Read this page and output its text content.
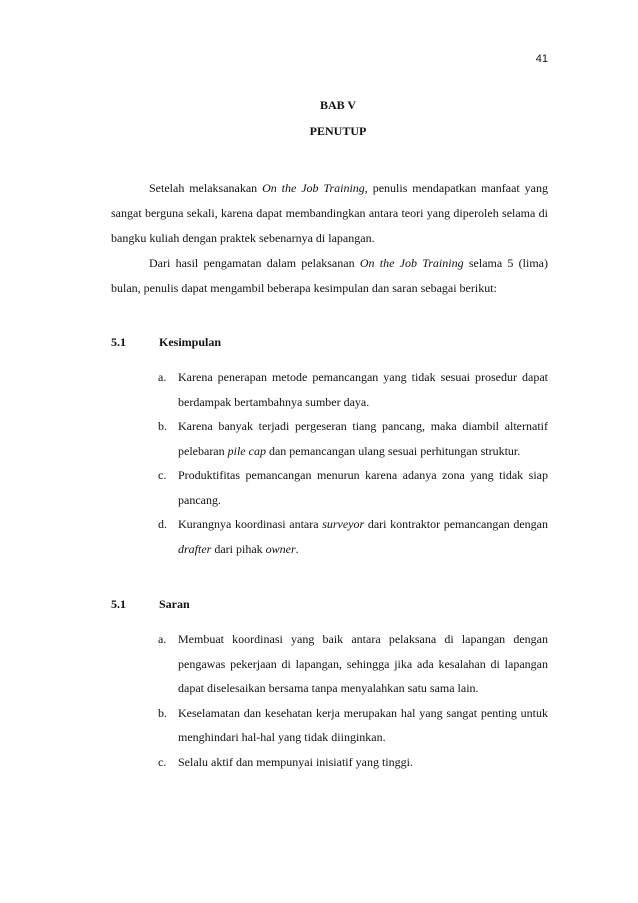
41
BAB V
PENUTUP

Setelah melaksanakan On the Job Training, penulis mendapatkan manfaat yang sangat berguna sekali, karena dapat membandingkan antara teori yang diperoleh selama di bangku kuliah dengan praktek sebenarnya di lapangan.

Dari hasil pengamatan dalam pelaksanan On the Job Training selama 5 (lima) bulan, penulis dapat mengambil beberapa kesimpulan dan saran sebagai berikut:

5.1	Kesimpulan
a. Karena penerapan metode pemancangan yang tidak sesuai prosedur dapat berdampak bertambahnya sumber daya.
b. Karena banyak terjadi pergeseran tiang pancang, maka diambil alternatif pelebaran pile cap dan pemancangan ulang sesuai perhitungan struktur.
c. Produktifitas pemancangan menurun karena adanya zona yang tidak siap pancang.
d. Kurangnya koordinasi antara surveyor dari kontraktor pemancangan dengan drafter dari pihak owner.
5.1	Saran
a. Membuat koordinasi yang baik antara pelaksana di lapangan dengan pengawas pekerjaan di lapangan, sehingga jika ada kesalahan di lapangan dapat diselesaikan bersama tanpa menyalahkan satu sama lain.
b. Keselamatan dan kesehatan kerja merupakan hal yang sangat penting untuk menghindari hal-hal yang tidak diinginkan.
c. Selalu aktif dan mempunyai inisiatif yang tinggi.
